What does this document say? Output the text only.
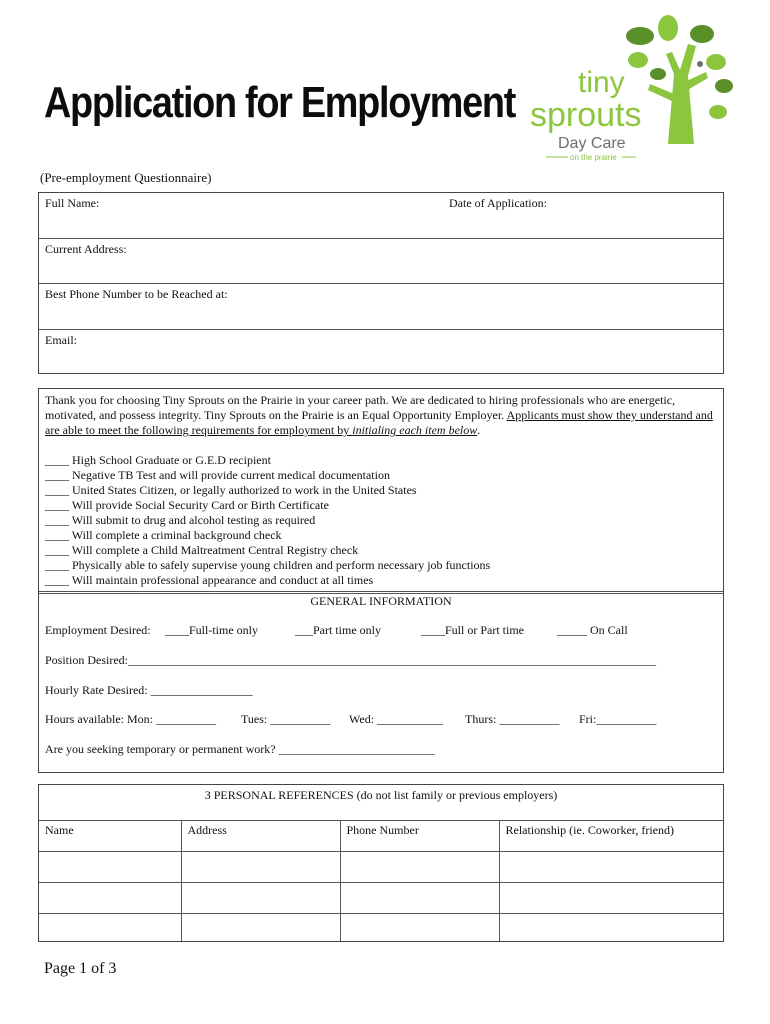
Application for Employment tiny
sprouts
Day Care
on the prairie
(Pre-employment Questionnaire)
Full Name:	Date of Application:
Current Address:
Best Phone Number to be Reached at:
Email:
Thank you for choosing Tiny Sprouts on the Prairie in your career path. We are dedicated to hiring professionals who are energetic, motivated, and possess integrity. Tiny Sprouts on the Prairie is an Equal Opportunity Employer. Applicants must show they understand and are able to meet the following requirements for employment by initialing each item below.
____ High School Graduate or G.E.D recipient
____ Negative TB Test and will provide current medical documentation
____ United States Citizen, or legally authorized to work in the United States
____ Will provide Social Security Card or Birth Certificate
____ Will submit to drug and alcohol testing as required
____ Will complete a criminal background check
____ Will complete a Child Maltreatment Central Registry check
____ Physically able to safely supervise young children and perform necessary job functions
____ Will maintain professional appearance and conduct at all times
GENERAL INFORMATION
Employment Desired: ____Full-time only	___Part time only	____Full or Part time	_____ On Call
Position Desired:________________________________________________________________________________________
Hourly Rate Desired: _________________
Hours available: Mon: __________ Tues: __________ Wed: ___________ Thurs: __________ Fri:__________
Are you seeking temporary or permanent work? __________________________
3 PERSONAL REFERENCES (do not list family or previous employers)
Name	Address	Phone Number	Relationship (ie. Coworker, friend)

Page 1 of 3
